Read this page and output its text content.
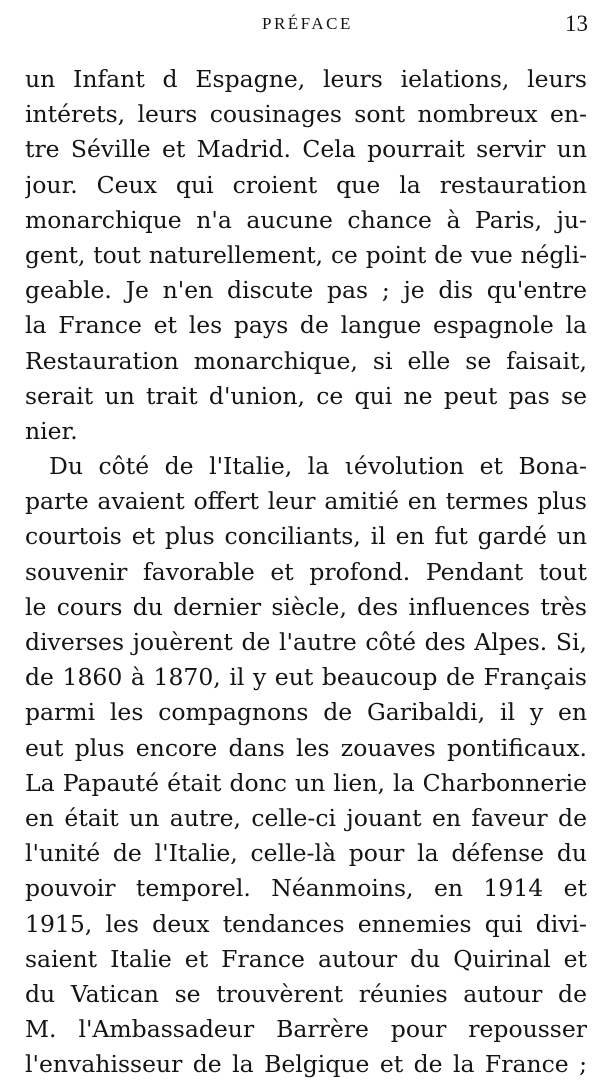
PRÉFACE	13
un Infant d Espagne, leurs ielations, leurs
intérets, leurs cousinages sont nombreux en-
tre Séville et Madrid. Cela pourrait servir un
jour. Ceux qui croient que la restauration
monarchique n'a aucune chance à Paris, ju-
gent, tout naturellement, ce point de vue négli-
geable. Je n'en discute pas ; je dis qu'entre
la France et les pays de langue espagnole la
Restauration monarchique, si elle se faisait,
serait un trait d'union, ce qui ne peut pas se
nier.
Du côté de l'Italie, la ιévolution et Bona-
parte avaient offert leur amitié en termes plus
courtois et plus conciliants, il en fut gardé un
souvenir favorable et profond. Pendant tout
le cours du dernier siècle, des influences très
diverses jouèrent de l'autre côté des Alpes. Si,
de 1860 à 1870, il y eut beaucoup de Français
parmi les compagnons de Garibaldi, il y en
eut plus encore dans les zouaves pontificaux.
La Papauté était donc un lien, la Charbonnerie
en était un autre, celle-ci jouant en faveur de
l'unité de l'Italie, celle-là pour la défense du
pouvoir temporel. Néanmoins, en 1914 et
1915, les deux tendances ennemies qui divi-
saient Italie et France autour du Quirinal et
du Vatican se trouvèrent réunies autour de
M. l'Ambassadeur Barrère pour repousser
l'envahisseur de la Belgique et de la France ;
